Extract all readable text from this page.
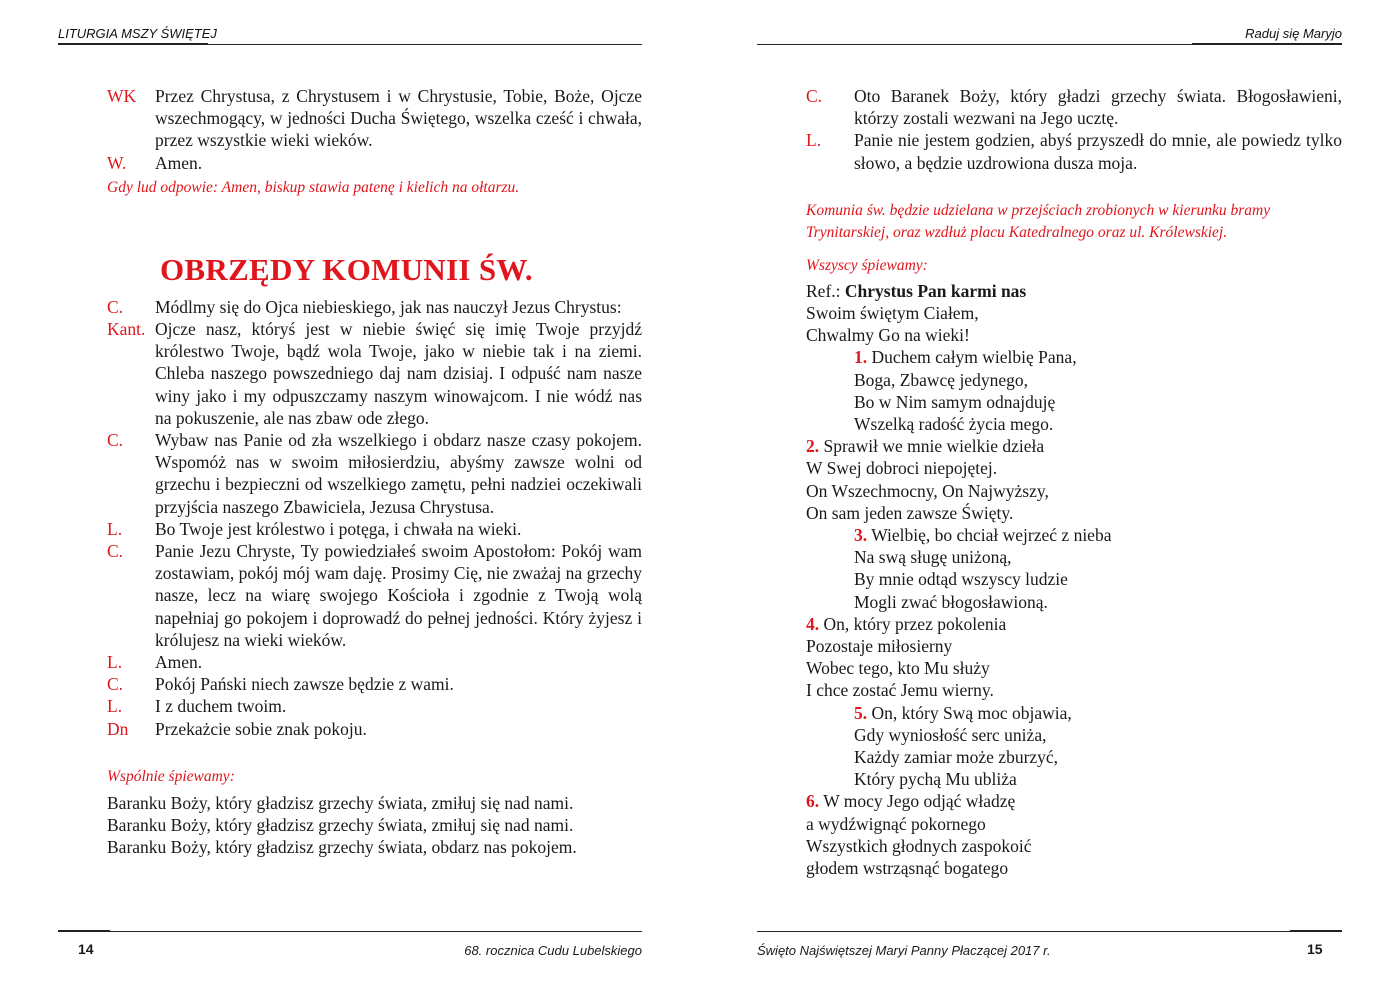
LITURGIA MSZY ŚWIĘTEJ
WK	Przez Chrystusa, z Chrystusem i w Chrystusie, Tobie, Boże, Ojcze wszechmogący, w jedności Ducha Świętego, wszelka cześć i chwała, przez wszystkie wieki wieków.
W.	Amen.
Gdy lud odpowie: Amen, biskup stawia patenę i kielich na ołtarzu.
OBRZĘDY KOMUNII ŚW.
C.	Módlmy się do Ojca niebieskiego, jak nas nauczył Jezus Chrystus:
Kant. Ojcze nasz, któryś jest w niebie święć się imię Twoje przyjdź królestwo Twoje, bądź wola Twoje, jako w niebie tak i na ziemi. Chleba naszego powszedniego daj nam dzisiaj. I odpuść nam nasze winy jako i my odpuszczamy naszym winowajcom. I nie wódź nas na pokuszenie, ale nas zbaw ode złego.
C.	Wybaw nas Panie od zła wszelkiego i obdarz nasze czasy pokojem. Wspomóż nas w swoim miłosierdziu, abyśmy zawsze wolni od grzechu i bezpieczni od wszelkiego zamętu, pełni nadziei oczekiwali przyjścia naszego Zbawiciela, Jezusa Chrystusa.
L.	Bo Twoje jest królestwo i potęga, i chwała na wieki.
C.	Panie Jezu Chryste, Ty powiedziałeś swoim Apostołom: Pokój wam zostawiam, pokój mój wam daję. Prosimy Cię, nie zważaj na grzechy nasze, lecz na wiarę swojego Kościoła i zgodnie z Twoją wolą napełniaj go pokojem i doprowadź do pełnej jedności. Który żyjesz i królujesz na wieki wieków.
L.	Amen.
C.	Pokój Pański niech zawsze będzie z wami.
L.	I z duchem twoim.
Dn	Przekażcie sobie znak pokoju.
Wspólnie śpiewamy:
Baranku Boży, który gładzisz grzechy świata, zmiłuj się nad nami.
Baranku Boży, który gładzisz grzechy świata, zmiłuj się nad nami.
Baranku Boży, który gładzisz grzechy świata, obdarz nas pokojem.
14	68. rocznica Cudu Lubelskiego
Raduj się Maryjo
C.	Oto Baranek Boży, który gładzi grzechy świata. Błogosławieni, którzy zostali wezwani na Jego ucztę.
L.	Panie nie jestem godzien, abyś przyszedł do mnie, ale powiedz tylko słowo, a będzie uzdrowiona dusza moja.
Komunia św. będzie udzielana w przejściach zrobionych w kierunku bramy Trynitarskiej, oraz wzdłuż placu Katedralnego oraz ul. Królewskiej.
Wszyscy śpiewamy:
Ref.: Chrystus Pan karmi nas
Swoim świętym Ciałem,
Chwalmy Go na wieki!
1. Duchem całym wielbię Pana,
Boga, Zbawcę jedynego,
Bo w Nim samym odnajduję
Wszelką radość życia mego.
2. Sprawił we mnie wielkie dzieła
W Swej dobroci niepojętej.
On Wszechmocny, On Najwyższy,
On sam jeden zawsze Święty.
3. Wielbię, bo chciał wejrzeć z nieba
Na swą sługę uniżoną,
By mnie odtąd wszyscy ludzie
Mogli zwać błogosławioną.
4. On, który przez pokolenia
Pozostaje miłosierny
Wobec tego, kto Mu służy
I chce zostać Jemu wierny.
5. On, który Swą moc objawia,
Gdy wyniosłość serc uniża,
Każdy zamiar może zburzyć,
Który pychą Mu ubliża
6. W mocy Jego odjąć władzę
a wydźwignąć pokornego
Wszystkich głodnych zaspokoić
głodem wstrząsnąć bogatego
Święto Najświętszej Maryi Panny Płaczącej 2017 r.	15
